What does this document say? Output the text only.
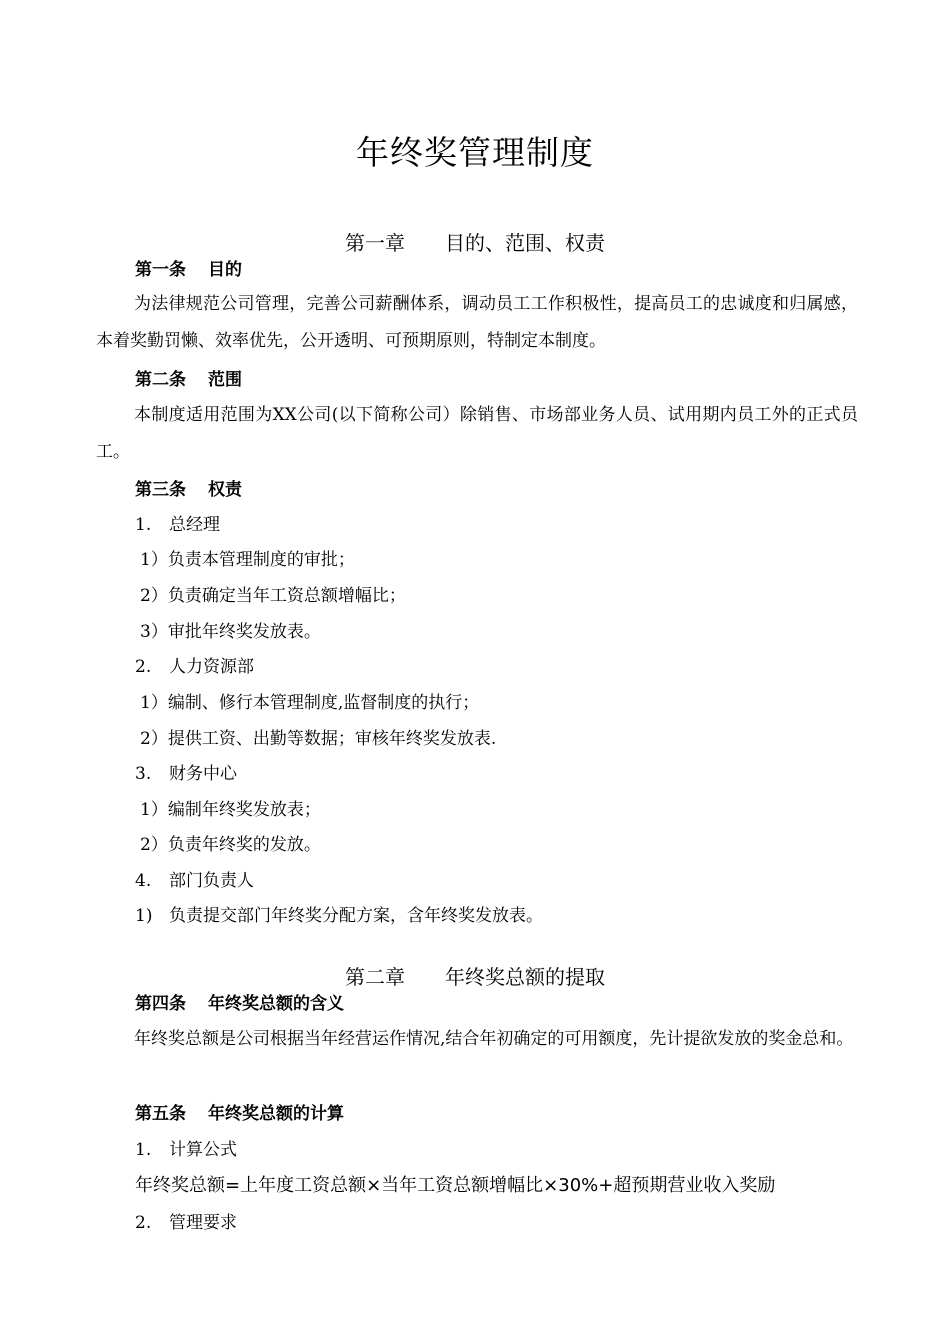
年终奖管理制度
第一章 目的、范围、权责
第一条 目的
为法律规范公司管理，完善公司薪酬体系，调动员工工作积极性，提高员工的忠诚度和归属感，本着奖勤罚懒、效率优先，公开透明、可预期原则，特制定本制度。
第二条 范围
本制度适用范围为XX公司(以下简称公司）除销售、市场部业务人员、试用期内员工外的正式员工。
第三条 权责
1. 总经理
1）负责本管理制度的审批；
2）负责确定当年工资总额增幅比；
3）审批年终奖发放表。
2. 人力资源部
1）编制、修行本管理制度,监督制度的执行；
2）提供工资、出勤等数据；审核年终奖发放表.
3. 财务中心
1）编制年终奖发放表；
2）负责年终奖的发放。
4. 部门负责人
1) 负责提交部门年终奖分配方案，含年终奖发放表。
第二章 年终奖总额的提取
第四条 年终奖总额的含义
年终奖总额是公司根据当年经营运作情况,结合年初确定的可用额度，先计提欲发放的奖金总和。
第五条 年终奖总额的计算
1. 计算公式
年终奖总额=上年度工资总额×当年工资总额增幅比×30%+超预期营业收入奖励
2. 管理要求
